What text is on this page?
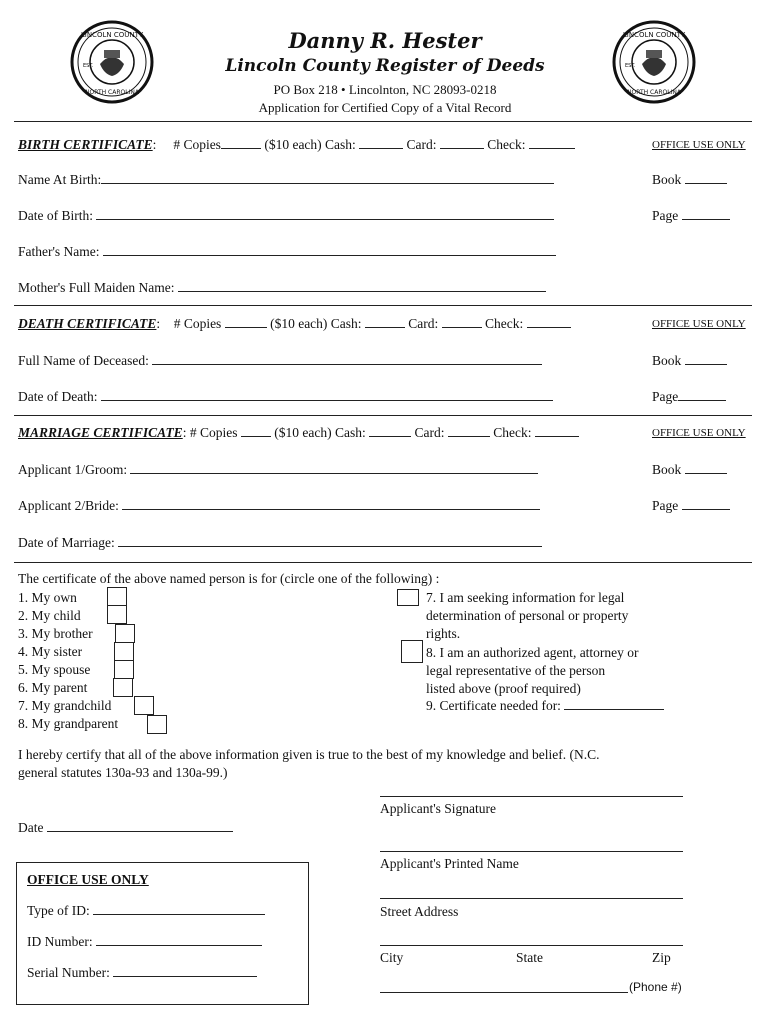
LINCOLN COUNTY
NORTH CAROLINA
EST.
LINCOLN COUNTY
NORTH CAROLINA
EST.
Danny R. Hester
Lincoln County Register of Deeds
PO Box 218 • Lincolnton, NC 28093-0218
Application for Certified Copy of a Vital Record
BIRTH CERTIFICATE:     # Copies	($10 each) Cash:	Card:	Check:	OFFICE USE ONLY
Name At Birth:	Book
Date of Birth:	Page
Father's Name:
Mother's Full Maiden Name:
DEATH CERTIFICATE:    # Copies	($10 each) Cash:	Card:	Check:	OFFICE USE ONLY
Full Name of Deceased:	Book
Date of Death:	Page
MARRIAGE CERTIFICATE: # Copies	($10 each) Cash:	Card:	Check:	OFFICE USE ONLY
Applicant 1/Groom:	Book
Applicant 2/Bride:	Page
Date of Marriage:
The certificate of the above named person is for (circle one of the following) :
1. My own
2. My child
3. My brother
4. My sister
5. My spouse
6. My parent
7. My grandchild
8. My grandparent
7. I am seeking information for legal
determination of personal or property
rights.
8. I am an authorized agent, attorney or
legal representative of the person
listed above (proof required)
9. Certificate needed for:
I hereby certify that all of the above information given is true to the best of my knowledge and belief. (N.C.
general statutes 130a-93 and 130a-99.)
Applicant's Signature
Date
Applicant's Printed Name
Street Address
City	State	Zip
(Phone #)
OFFICE USE ONLY
Type of ID:
ID Number:
Serial Number:
